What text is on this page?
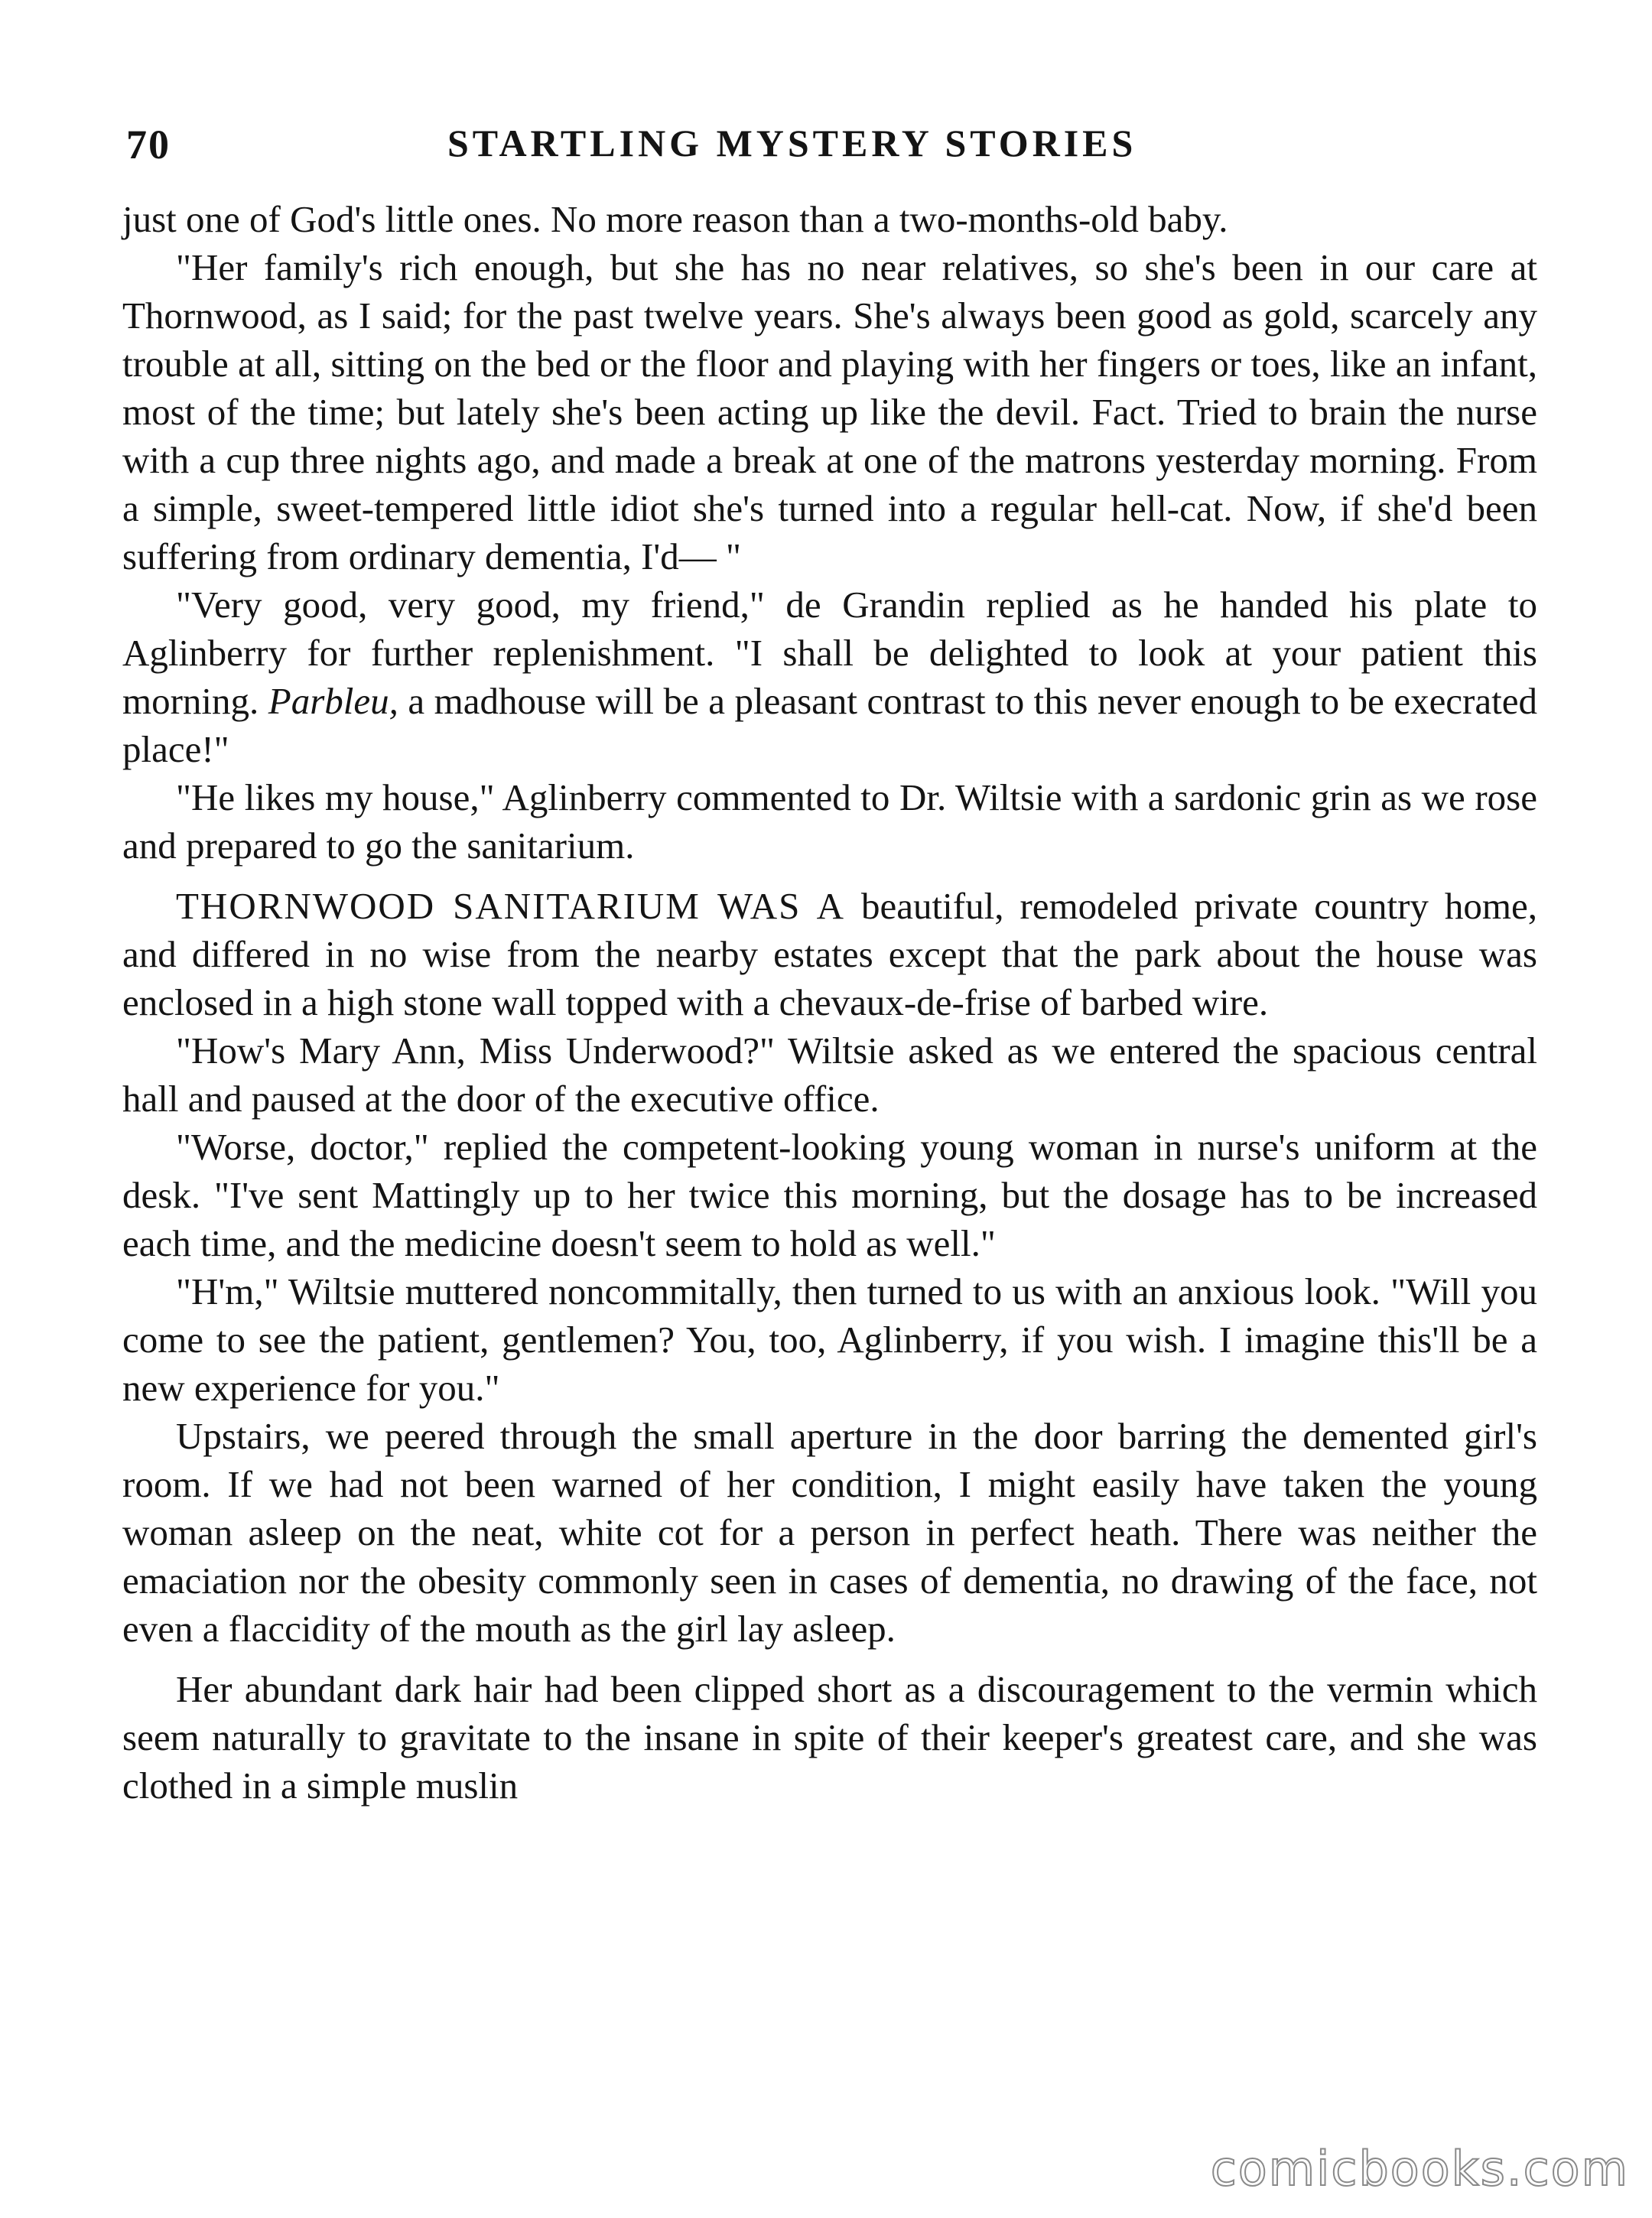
70	STARTLING MYSTERY STORIES

just one of God's little ones. No more reason than a two-months-old baby.

"Her family's rich enough, but she has no near relatives, so she's been in our care at Thornwood, as I said; for the past twelve years. She's always been good as gold, scarcely any trouble at all, sitting on the bed or the floor and playing with her fingers or toes, like an infant, most of the time; but lately she's been acting up like the devil. Fact. Tried to brain the nurse with a cup three nights ago, and made a break at one of the matrons yesterday morning. From a simple, sweet-tempered little idiot she's turned into a regular hell-cat. Now, if she'd been suffering from ordinary dementia, I'd— "

"Very good, very good, my friend," de Grandin replied as he handed his plate to Aglinberry for further replenishment. "I shall be delighted to look at your patient this morning. Parbleu, a madhouse will be a pleasant contrast to this never enough to be execrated place!"

"He likes my house," Aglinberry commented to Dr. Wiltsie with a sardonic grin as we rose and prepared to go the sanitarium.

THORNWOOD SANITARIUM WAS A beautiful, remodeled private country home, and differed in no wise from the nearby estates except that the park about the house was enclosed in a high stone wall topped with a chevaux-de-frise of barbed wire.

"How's Mary Ann, Miss Underwood?" Wiltsie asked as we entered the spacious central hall and paused at the door of the executive office.

"Worse, doctor," replied the competent-looking young woman in nurse's uniform at the desk. "I've sent Mattingly up to her twice this morning, but the dosage has to be increased each time, and the medicine doesn't seem to hold as well."

"H'm," Wiltsie muttered noncommitally, then turned to us with an anxious look. "Will you come to see the patient, gentlemen? You, too, Aglinberry, if you wish. I imagine this'll be a new experience for you."

Upstairs, we peered through the small aperture in the door barring the demented girl's room. If we had not been warned of her condition, I might easily have taken the young woman asleep on the neat, white cot for a person in perfect heath. There was neither the emaciation nor the obesity commonly seen in cases of dementia, no drawing of the face, not even a flaccidity of the mouth as the girl lay asleep.

Her abundant dark hair had been clipped short as a discouragement to the vermin which seem naturally to gravitate to the insane in spite of their keeper's greatest care, and she was clothed in a simple muslin

comicbooks.com
